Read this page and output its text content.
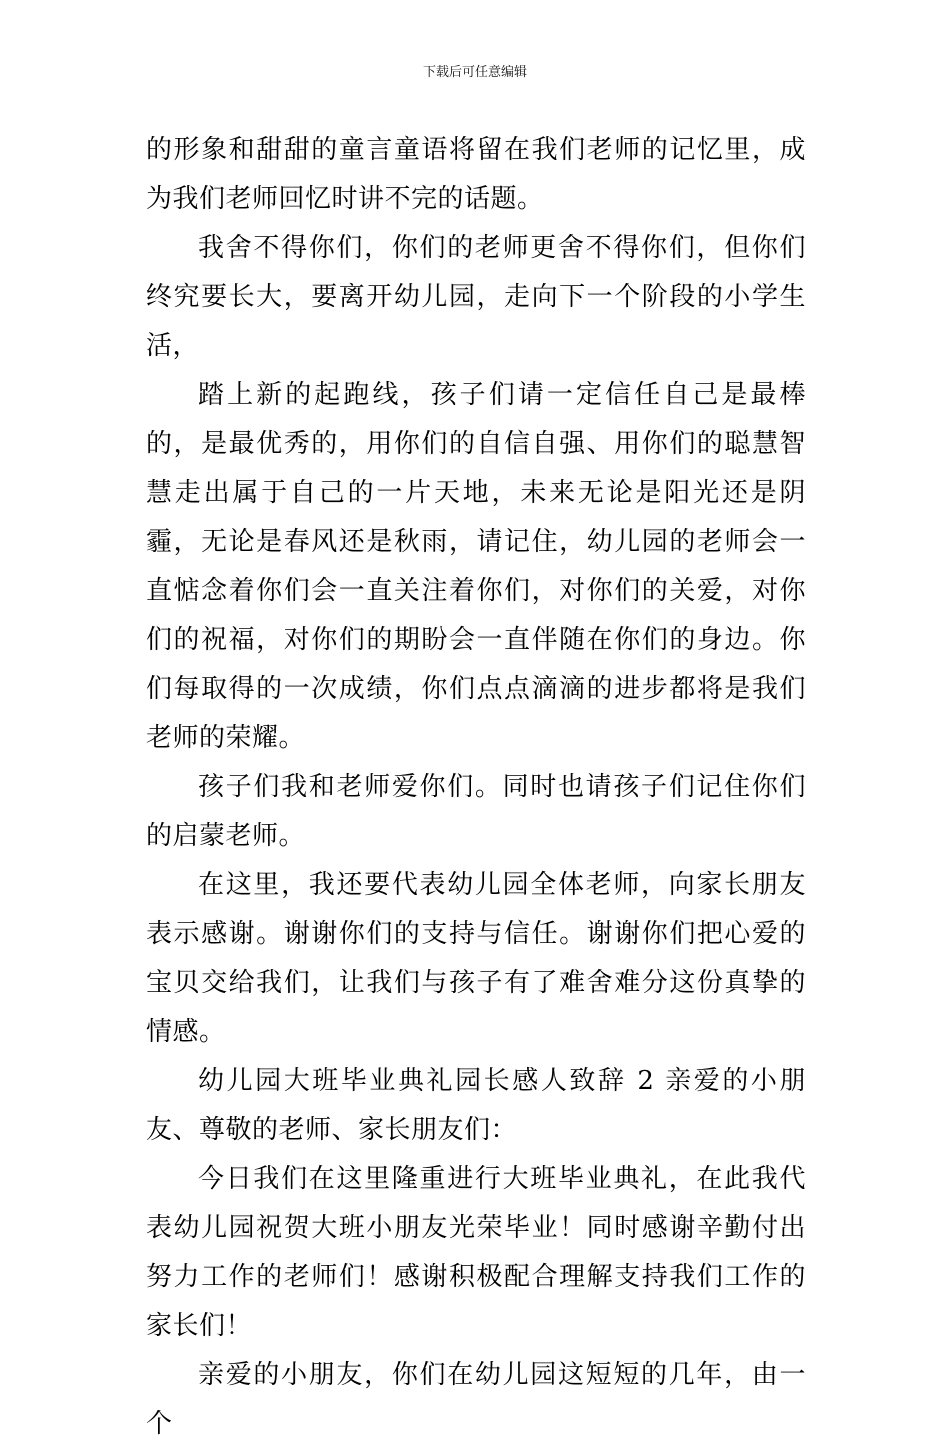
下载后可任意编辑

的形象和甜甜的童言童语将留在我们老师的记忆里，成为我们老师回忆时讲不完的话题。

我舍不得你们，你们的老师更舍不得你们，但你们终究要长大，要离开幼儿园，走向下一个阶段的小学生活，

踏上新的起跑线，孩子们请一定信任自己是最棒的，是最优秀的，用你们的自信自强、用你们的聪慧智慧走出属于自己的一片天地，未来无论是阳光还是阴霾，无论是春风还是秋雨，请记住，幼儿园的老师会一直惦念着你们会一直关注着你们，对你们的关爱，对你们的祝福，对你们的期盼会一直伴随在你们的身边。你们每取得的一次成绩，你们点点滴滴的进步都将是我们老师的荣耀。

孩子们我和老师爱你们。同时也请孩子们记住你们的启蒙老师。

在这里，我还要代表幼儿园全体老师，向家长朋友表示感谢。谢谢你们的支持与信任。谢谢你们把心爱的宝贝交给我们，让我们与孩子有了难舍难分这份真挚的情感。

幼儿园大班毕业典礼园长感人致辞 2 亲爱的小朋友、尊敬的老师、家长朋友们：

今日我们在这里隆重进行大班毕业典礼，在此我代表幼儿园祝贺大班小朋友光荣毕业！同时感谢辛勤付出努力工作的老师们！感谢积极配合理解支持我们工作的家长们！

亲爱的小朋友，你们在幼儿园这短短的几年，由一个
